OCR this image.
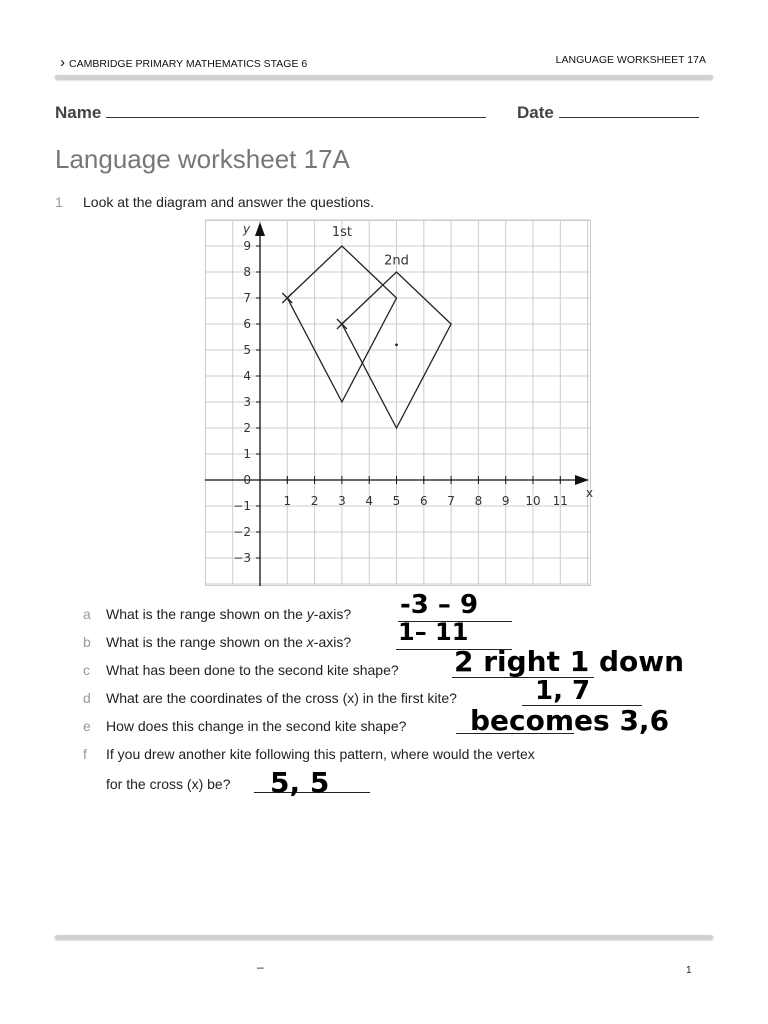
› CAMBRIDGE PRIMARY MATHEMATICS STAGE 6	LANGUAGE WORKSHEET 17A
Name	Date
Language worksheet 17A
1 Look at the diagram and answer the questions.
1 2 3 4 5 6 7 8 9 10 11
9
8
7
6
5
4
3
2
1
0
−1
−2
−3
x
y	1st
2nd
a What is the range shown on the y-axis? -3 – 9
b What is the range shown on the x-axis? 1– 11
c What has been done to the second kite shape? 2 right 1 down
d What are the coordinates of the cross (x) in the first kite?	1, 7
e How does this change in the second kite shape? becomes 3,6
f If you drew another kite following this pattern, where would the vertex
for the cross (x) be? 5, 5
–	1
